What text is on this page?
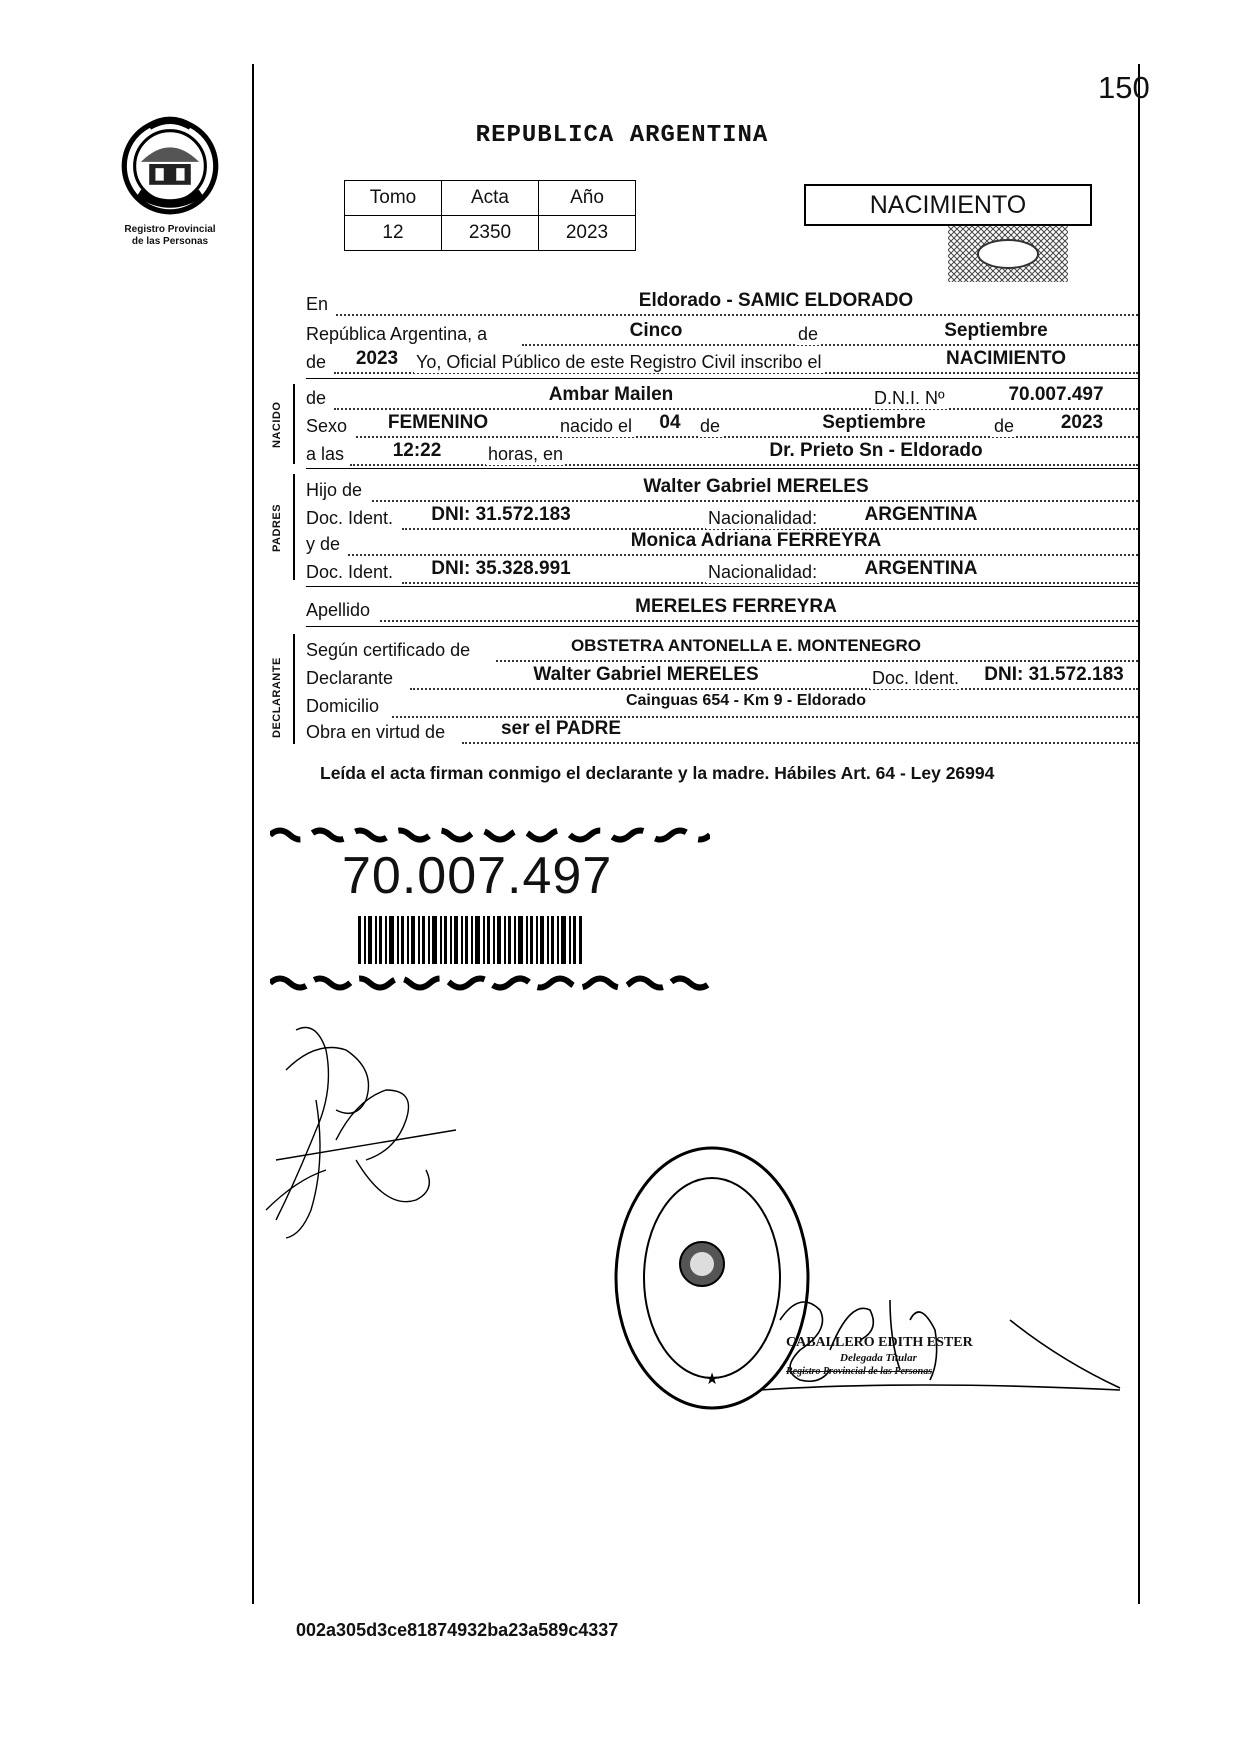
150
Registro Provincial
de las Personas
REPUBLICA ARGENTINA
Tomo	Acta	Año
12	2350	2023
NACIMIENTO
En	Eldorado - SAMIC ELDORADO
República Argentina, a	Cinco	de	Septiembre
de	2023 Yo, Oficial Público de este Registro Civil inscribo el	NACIMIENTO
NACIDO
de	Ambar Mailen	D.N.I. Nº	70.007.497
Sexo	FEMENINO	nacido el	04	de	Septiembre	de	2023
a las	12:22	horas, en	Dr. Prieto Sn - Eldorado
PADRES
Hijo de	Walter Gabriel MERELES
Doc. Ident.	DNI: 31.572.183	Nacionalidad:	ARGENTINA
y de	Monica Adriana FERREYRA
Doc. Ident.	DNI: 35.328.991	Nacionalidad:	ARGENTINA
Apellido	MERELES FERREYRA
DECLARANTE
Según certificado de	OBSTETRA ANTONELLA E. MONTENEGRO
Declarante	Walter Gabriel MERELES	Doc. Ident.	DNI: 31.572.183
Domicilio	Cainguas 654 - Km 9 - Eldorado
Obra en virtud de	ser el PADRE
Leída el acta firman conmigo el declarante y la madre. Hábiles Art. 64 - Ley 26994
70.007.497
★
CABALLERO EDITH ESTER
Delegada Titular
Registro Provincial de las Personas
002a305d3ce81874932ba23a589c4337
